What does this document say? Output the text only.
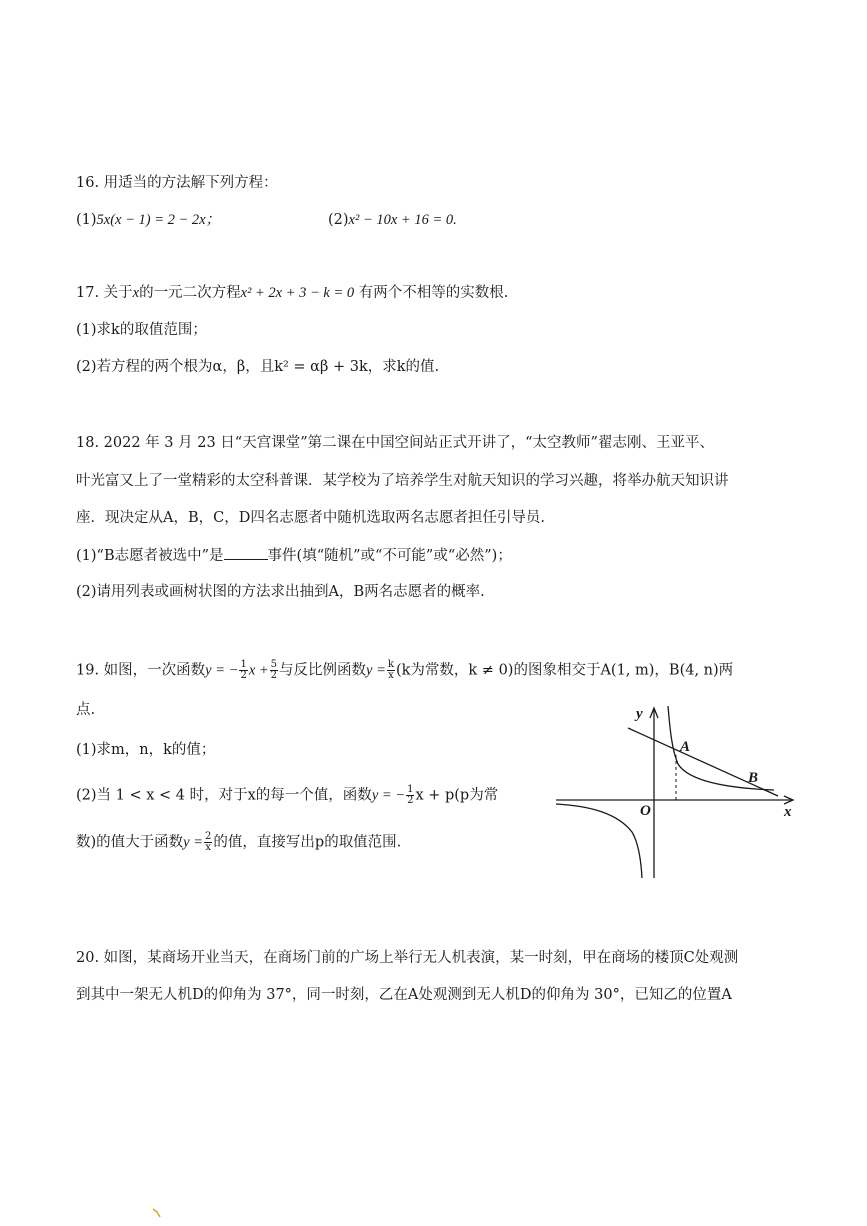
16. 用适当的方法解下列方程：
(1)5x(x − 1) = 2 − 2x；	(2)x² − 10x + 16 = 0.
17. 关于x的一元二次方程x² + 2x + 3 − k = 0 有两个不相等的实数根.
(1)求k的取值范围；
(2)若方程的两个根为α，β，且k² = αβ + 3k，求k的值.
18. 2022 年 3 月 23 日“天宫课堂”第二课在中国空间站正式开讲了，“太空教师”翟志刚、王亚平、
叶光富又上了一堂精彩的太空科普课．某学校为了培养学生对航天知识的学习兴趣，将举办航天知识讲
座．现决定从A，B，C，D四名志愿者中随机选取两名志愿者担任引导员.
(1)“B志愿者被选中”是	事件(填“随机”或“不可能”或“必然”)；
(2)请用列表或画树状图的方法求出抽到A，B两名志愿者的概率.
19. 如图，一次函数y = − $\frac{1}{2}$ $x + \frac{5}{2}$ 与反比例函数$y = \frac{k}{x} (k$为常数，k ≠ 0)的图象相交于A(1, m)，B(4, n)两
点.
(1)求m，n，k的值；
(2)当 1 < x < 4 时，对于x的每一个值，函数y = − $\frac{1}{2}$ x + p(p为常
数)的值大于函数$y = \frac{2}{x}$ 的值，直接写出p的取值范围.
y
x
O
A
B
20. 如图，某商场开业当天，在商场门前的广场上举行无人机表演，某一时刻，甲在商场的楼顶C处观测
到其中一架无人机D的仰角为 37°，同一时刻，乙在A处观测到无人机D的仰角为 30°，已知乙的位置A
